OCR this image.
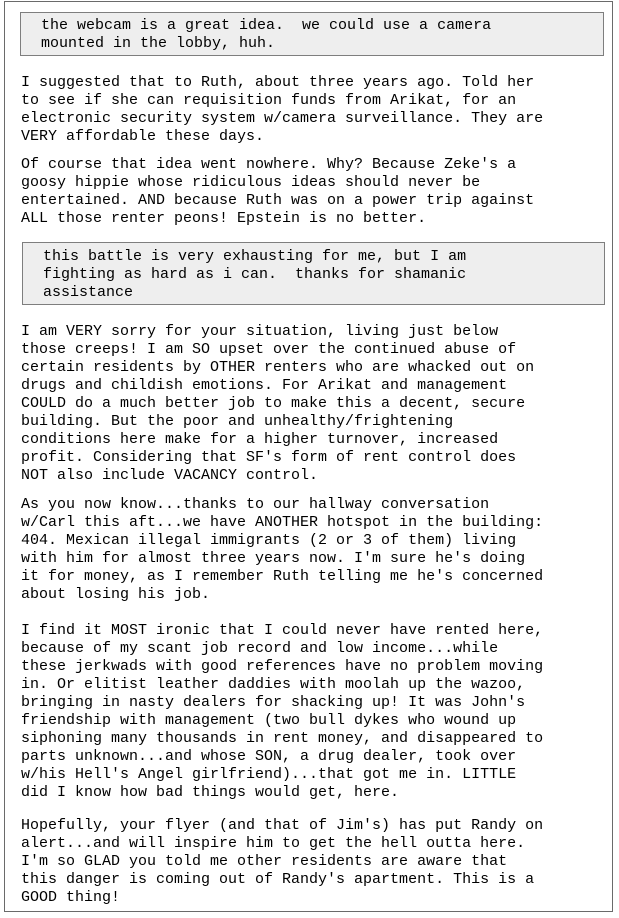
the webcam is a great idea.  we could use a camera
mounted in the lobby, huh.

I suggested that to Ruth, about three years ago. Told her
to see if she can requisition funds from Arikat, for an
electronic security system w/camera surveillance. They are
VERY affordable these days.

Of course that idea went nowhere. Why? Because Zeke's a
goosy hippie whose ridiculous ideas should never be
entertained. AND because Ruth was on a power trip against
ALL those renter peons! Epstein is no better.

this battle is very exhausting for me, but I am
fighting as hard as i can.  thanks for shamanic
assistance

I am VERY sorry for your situation, living just below
those creeps! I am SO upset over the continued abuse of
certain residents by OTHER renters who are whacked out on
drugs and childish emotions. For Arikat and management
COULD do a much better job to make this a decent, secure
building. But the poor and unhealthy/frightening
conditions here make for a higher turnover, increased
profit. Considering that SF's form of rent control does
NOT also include VACANCY control.

As you now know...thanks to our hallway conversation
w/Carl this aft...we have ANOTHER hotspot in the building:
404. Mexican illegal immigrants (2 or 3 of them) living
with him for almost three years now. I'm sure he's doing
it for money, as I remember Ruth telling me he's concerned
about losing his job.

I find it MOST ironic that I could never have rented here,
because of my scant job record and low income...while
these jerkwads with good references have no problem moving
in. Or elitist leather daddies with moolah up the wazoo,
bringing in nasty dealers for shacking up! It was John's
friendship with management (two bull dykes who wound up
siphoning many thousands in rent money, and disappeared to
parts unknown...and whose SON, a drug dealer, took over
w/his Hell's Angel girlfriend)...that got me in. LITTLE
did I know how bad things would get, here.

Hopefully, your flyer (and that of Jim's) has put Randy on
alert...and will inspire him to get the hell outta here.
I'm so GLAD you told me other residents are aware that
this danger is coming out of Randy's apartment. This is a
GOOD thing!
